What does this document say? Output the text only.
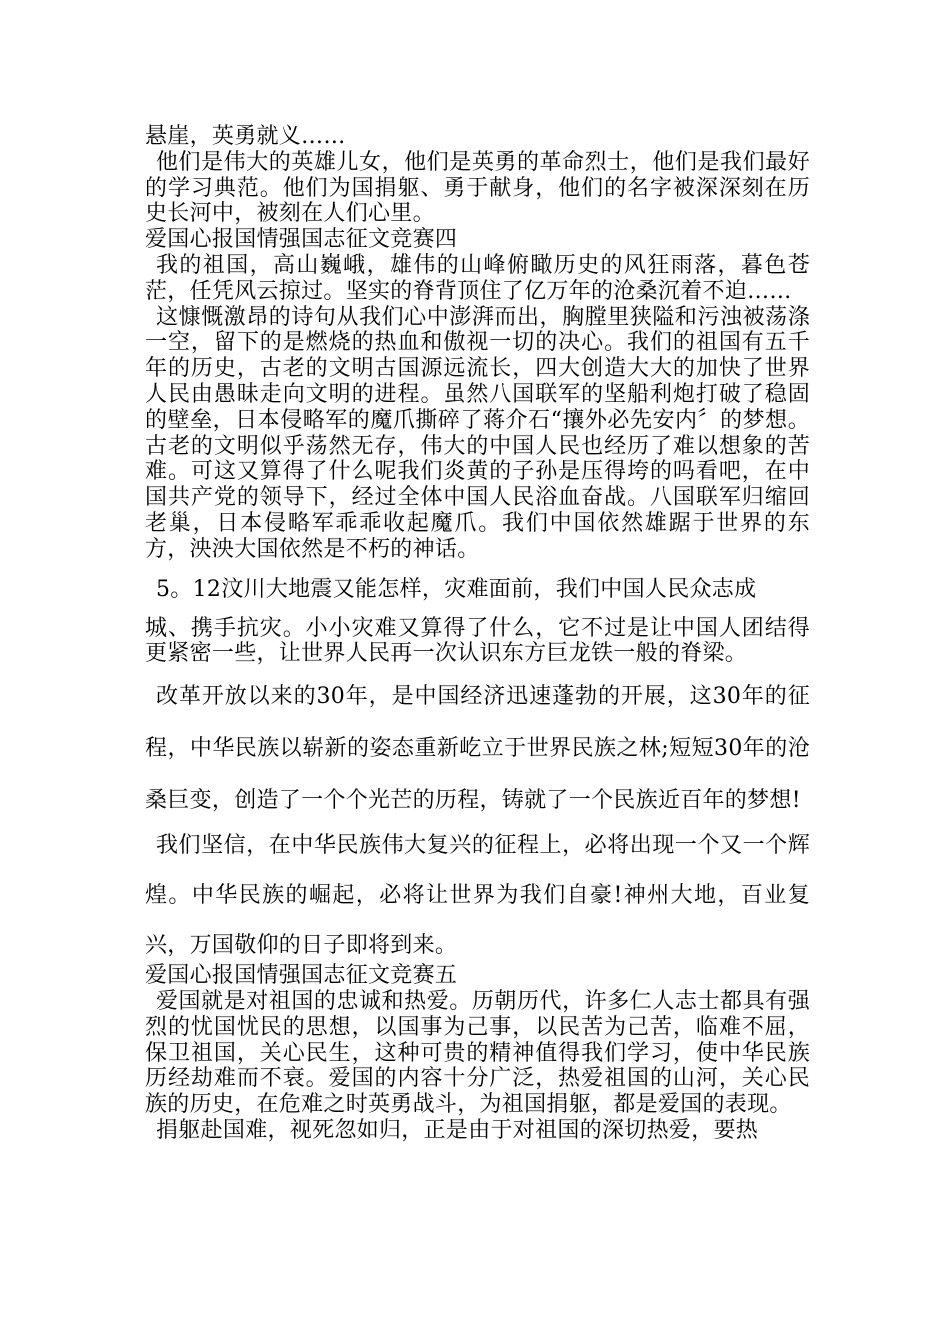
悬崖，英勇就义……

他们是伟大的英雄儿女，他们是英勇的革命烈士，他们是我们最好的学习典范。他们为国捐躯、勇于献身，他们的名字被深深刻在历史长河中，被刻在人们心里。

爱国心报国情强国志征文竞赛四

我的祖国，高山巍峨，雄伟的山峰俯瞰历史的风狂雨落，暮色苍茫，任凭风云掠过。坚实的脊背顶住了亿万年的沧桑沉着不迫……

这慷慨激昂的诗句从我们心中澎湃而出，胸膛里狭隘和污浊被荡涤一空，留下的是燃烧的热血和傲视一切的决心。我们的祖国有五千年的历史，古老的文明古国源远流长，四大创造大大的加快了世界人民由愚昧走向文明的进程。虽然八国联军的坚船利炮打破了稳固的壁垒，日本侵略军的魔爪撕碎了蒋介石“攘外必先安内〞的梦想。古老的文明似乎荡然无存，伟大的中国人民也经历了难以想象的苦难。可这又算得了什么呢我们炎黄的子孙是压得垮的吗看吧，在中国共产党的领导下，经过全体中国人民浴血奋战。八国联军归缩回老巢，日本侵略军乖乖收起魔爪。我们中国依然雄踞于世界的东方，泱泱大国依然是不朽的神话。

5。12汶川大地震又能怎样，灾难面前，我们中国人民众志成

城、携手抗灾。小小灾难又算得了什么，它不过是让中国人团结得更紧密一些，让世界人民再一次认识东方巨龙铁一般的脊梁。

改革开放以来的30年，是中国经济迅速蓬勃的开展，这30年的征程，中华民族以崭新的姿态重新屹立于世界民族之林;短短30年的沧桑巨变，创造了一个个光芒的历程，铸就了一个民族近百年的梦想!

我们坚信，在中华民族伟大复兴的征程上，必将出现一个又一个辉煌。中华民族的崛起，必将让世界为我们自豪!神州大地，百业复兴，万国敬仰的日子即将到来。

爱国心报国情强国志征文竞赛五

爱国就是对祖国的忠诚和热爱。历朝历代，许多仁人志士都具有强烈的忧国忧民的思想，以国事为己事，以民苦为己苦，临难不屈，保卫祖国，关心民生，这种可贵的精神值得我们学习，使中华民族历经劫难而不衰。爱国的内容十分广泛，热爱祖国的山河，关心民族的历史，在危难之时英勇战斗，为祖国捐躯，都是爱国的表现。

捐躯赴国难，视死忽如归，正是由于对祖国的深切热爱，要热
